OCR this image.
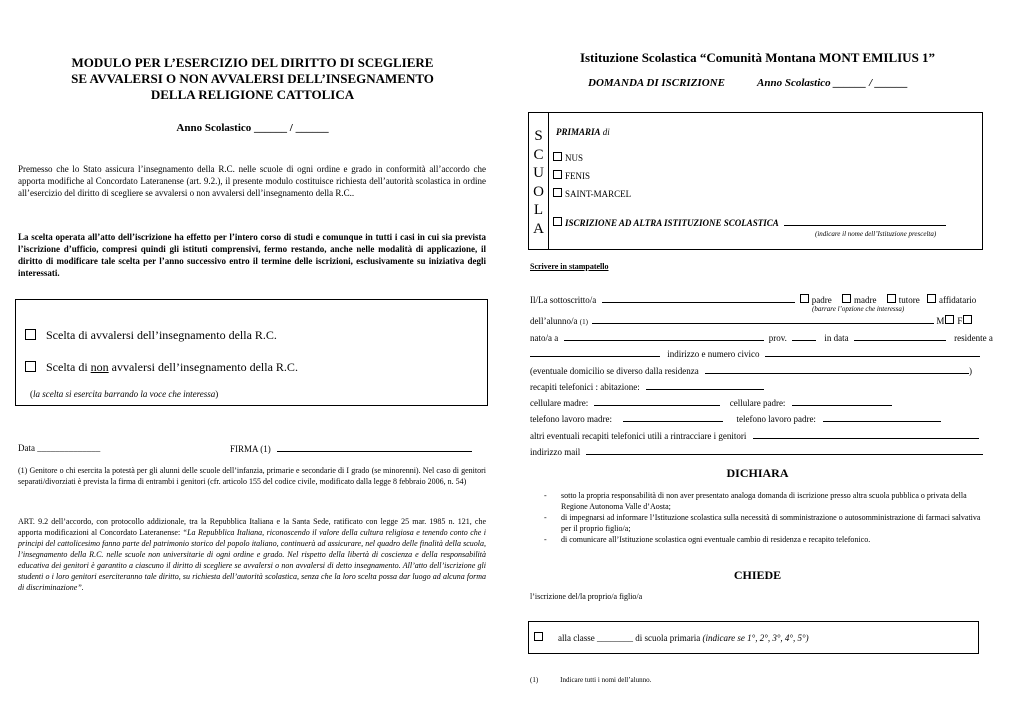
MODULO PER L’ESERCIZIO DEL DIRITTO DI SCEGLIERE
SE AVVALERSI O NON AVVALERSI DELL’INSEGNAMENTO
DELLA RELIGIONE CATTOLICA
Anno Scolastico ______ / ______
Premesso che lo Stato assicura l’insegnamento della R.C. nelle scuole di ogni ordine e grado in conformità all’accordo che apporta modifiche al Concordato Lateranense (art. 9.2.), il presente modulo costituisce richiesta dell’autorità scolastica in ordine all’esercizio del diritto di scegliere se avvalersi o non avvalersi dell’insegnamento della R.C..
La scelta operata all’atto dell’iscrizione ha effetto per l’intero corso di studi e comunque in tutti i casi in cui sia prevista l’iscrizione d’ufficio, compresi quindi gli istituti comprensivi, fermo restando, anche nelle modalità di applicazione, il diritto di modificare tale scelta per l’anno successivo entro il termine delle iscrizioni, esclusivamente su iniziativa degli interessati.
Scelta di avvalersi dell’insegnamento della R.C.
Scelta di non avvalersi dell’insegnamento della R.C.
(la scelta si esercita barrando la voce che interessa)
Data ______________	FIRMA (1)
(1) Genitore o chi esercita la potestà per gli alunni delle scuole dell’infanzia, primarie e secondarie di I grado (se minorenni). Nel caso di genitori separati/divorziati è prevista la firma di entrambi i genitori (cfr. articolo 155 del codice civile, modificato dalla legge 8 febbraio 2006, n. 54)
ART. 9.2 dell’accordo, con protocollo addizionale, tra la Repubblica Italiana e la Santa Sede, ratificato con legge 25 mar. 1985 n. 121, che apporta modificazioni al Concordato Lateranense: “La Repubblica Italiana, riconoscendo il valore della cultura religiosa e tenendo conto che i principi del cattolicesimo fanno parte del patrimonio storico del popolo italiano, continuerà ad assicurare, nel quadro delle finalità della scuola, l’insegnamento della R.C. nelle scuole non universitarie di ogni ordine e grado. Nel rispetto della libertà di coscienza e della responsabilità educativa dei genitori è garantito a ciascuno il diritto di scegliere se avvalersi o non avvalersi di detto insegnamento. All’atto dell’iscrizione gli studenti o i loro genitori eserciteranno tale diritto, su richiesta dell’autorità scolastica, senza che la loro scelta possa dar luogo ad alcuna forma di discriminazione”.
Istituzione Scolastica “Comunità Montana MONT EMILIUS 1”
DOMANDA DI ISCRIZIONE	Anno Scolastico ______ / ______
S
C
U
O
L
A
PRIMARIA di
NUS
FENIS
SAINT-MARCEL
ISCRIZIONE AD ALTRA ISTITUZIONE SCOLASTICA
(indicare il nome dell’Istituzione prescelta)
Scrivere in stampatello
Il/La sottoscritto/a	padre madre tutore affidatario
(barrare l’opzione che interessa)
dell’alunno/a (1)	M F
nato/a a	prov.	in data	residente a
indirizzo e numero civico
(eventuale domicilio se diverso dalla residenza	)
recapiti telefonici : abitazione:
cellulare madre:	cellulare padre:
telefono lavoro madre:	telefono lavoro padre:
altri eventuali recapiti telefonici utili a rintracciare i genitori
indirizzo mail
DICHIARA
-	sotto la propria responsabilità di non aver presentato analoga domanda di iscrizione presso altra scuola pubblica o privata della Regione Autonoma Valle d’Aosta;
-	di impegnarsi ad informare l’Istituzione scolastica sulla necessità di somministrazione o autosomministrazione di farmaci salvativa per il proprio figlio/a;
-	di comunicare all’Istituzione scolastica ogni eventuale cambio di residenza e recapito telefonico.
CHIEDE
l’iscrizione del/la proprio/a figlio/a
alla classe ________ di scuola primaria (indicare se 1°, 2°, 3°, 4°, 5°)
(1)	Indicare tutti i nomi dell’alunno.
